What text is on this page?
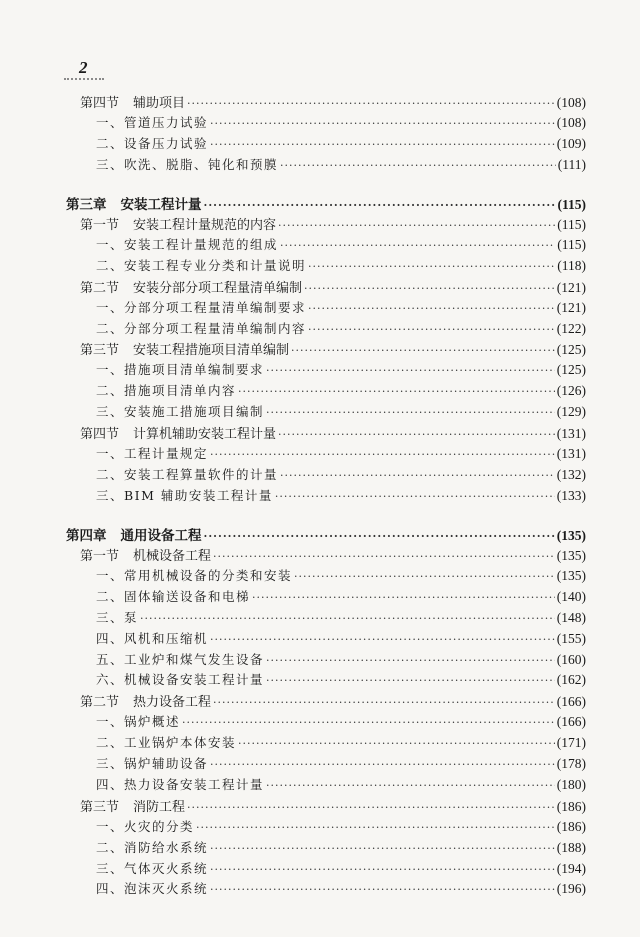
2
第四节 辅助项目 ·····	(108)
一、管道压力试验 ·····	(108)
二、设备压力试验 ·····	(109)
三、吹洗、脱脂、钝化和预膜 ·····	(111)
第三章 安装工程计量 ·····	(115)
第一节 安装工程计量规范的内容 ·····	(115)
一、安装工程计量规范的组成 ·····	(115)
二、安装工程专业分类和计量说明 ·····	(118)
第二节 安装分部分项工程量清单编制 ·····	(121)
一、分部分项工程量清单编制要求 ·····	(121)
二、分部分项工程量清单编制内容 ·····	(122)
第三节 安装工程措施项目清单编制 ·····	(125)
一、措施项目清单编制要求 ·····	(125)
二、措施项目清单内容 ·····	(126)
三、安装施工措施项目编制 ·····	(129)
第四节 计算机辅助安装工程计量 ·····	(131)
一、工程计量规定 ·····	(131)
二、安装工程算量软件的计量 ·····	(132)
三、BIM 辅助安装工程计量 ·····	(133)
第四章 通用设备工程 ·····	(135)
第一节 机械设备工程 ·····	(135)
一、常用机械设备的分类和安装 ·····	(135)
二、固体输送设备和电梯 ·····	(140)
三、泵 ·····	(148)
四、风机和压缩机 ·····	(155)
五、工业炉和煤气发生设备 ·····	(160)
六、机械设备安装工程计量 ·····	(162)
第二节 热力设备工程 ·····	(166)
一、锅炉概述 ·····	(166)
二、工业锅炉本体安装 ·····	(171)
三、锅炉辅助设备 ·····	(178)
四、热力设备安装工程计量 ·····	(180)
第三节 消防工程 ·····	(186)
一、火灾的分类 ·····	(186)
二、消防给水系统 ·····	(188)
三、气体灭火系统 ·····	(194)
四、泡沫灭火系统 ·····	(196)
